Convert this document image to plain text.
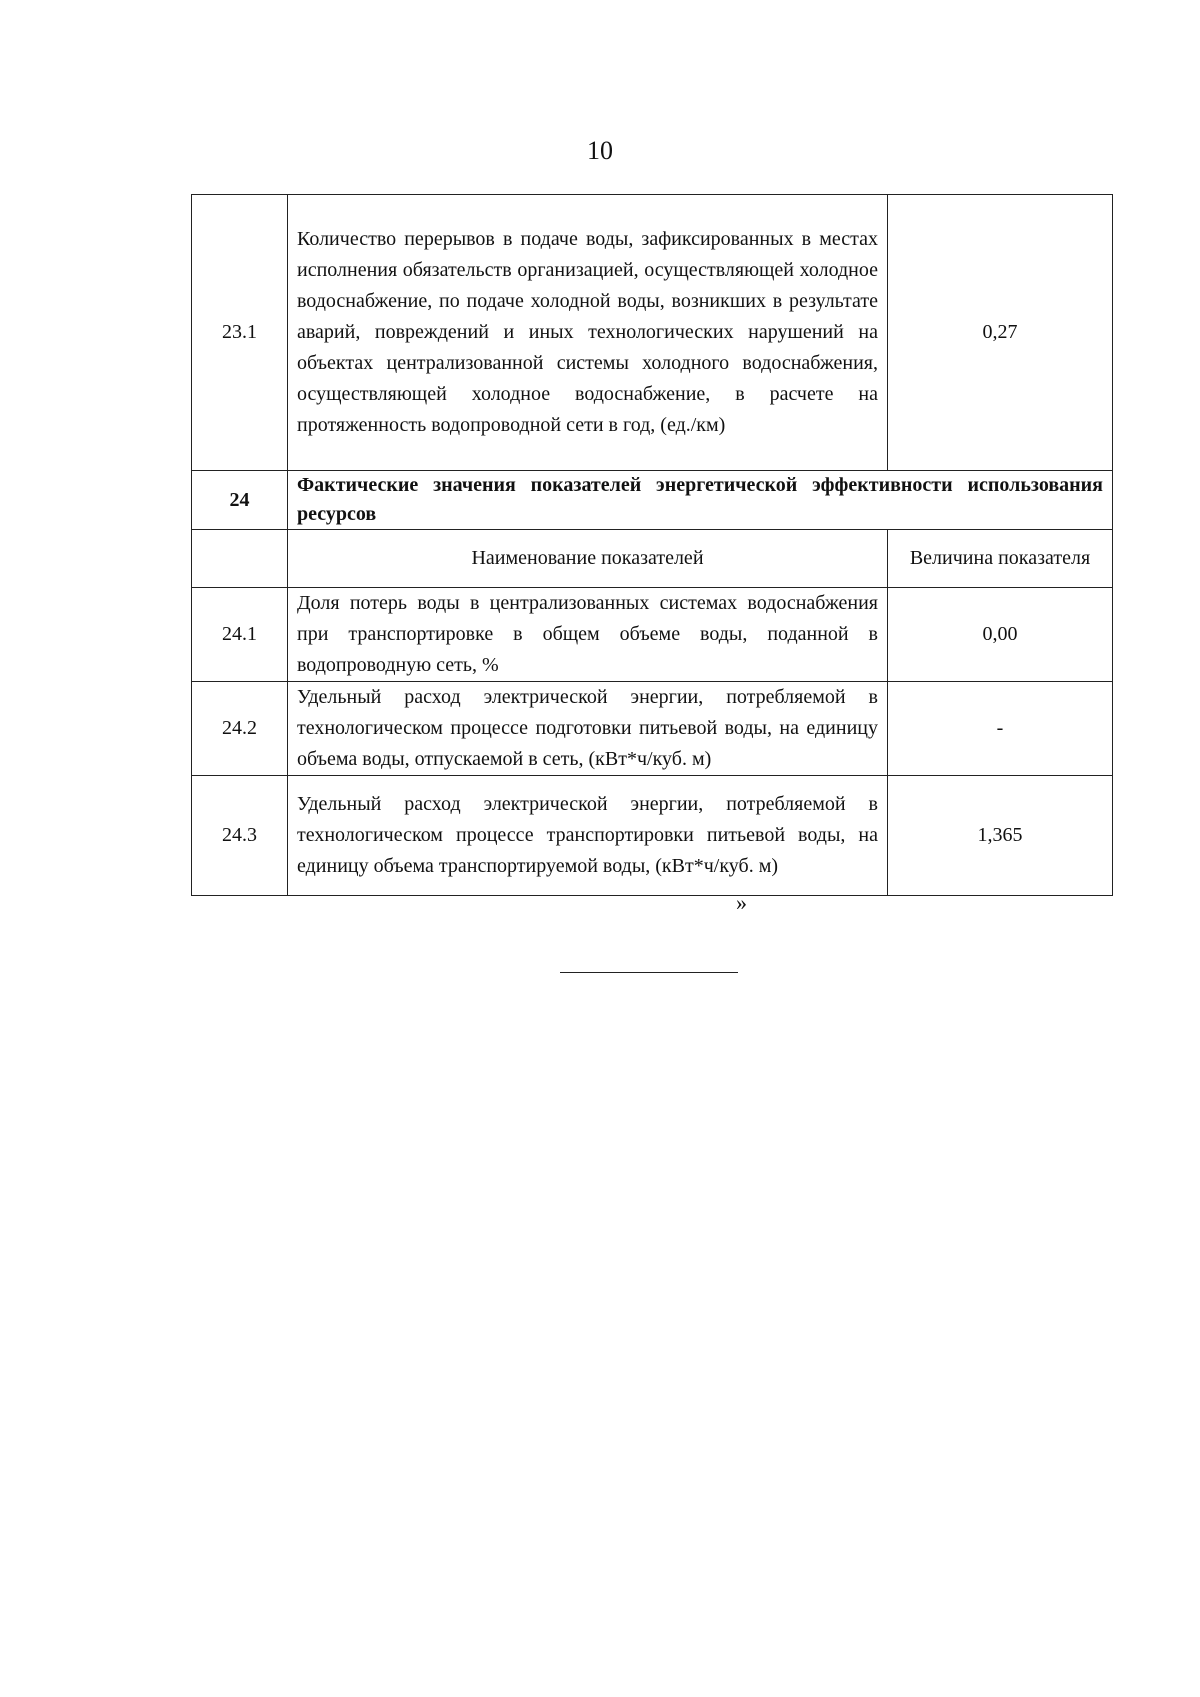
10
23.1	Количество перерывов в подаче воды, зафиксированных в местах исполнения обязательств организацией, осуществляющей холодное водоснабжение, по подаче холодной воды, возникших в результате аварий, повреждений и иных технологических нарушений на объектах централизованной системы холодного водоснабжения, осуществляющей холодное водоснабжение, в расчете на протяженность водопроводной сети в год, (ед./км)	0,27
24	Фактические значения показателей энергетической эффективности использования ресурсов	
	Наименование показателей	Величина показателя
24.1	Доля потерь воды в централизованных системах водоснабжения при транспортировке в общем объеме воды, поданной в водопроводную сеть, %	0,00
24.2	Удельный расход электрической энергии, потребляемой в технологическом процессе подготовки питьевой воды, на единицу объема воды, отпускаемой в сеть, (кВт*ч/куб. м)	-
24.3	Удельный расход электрической энергии, потребляемой в технологическом процессе транспортировки питьевой воды, на единицу объема транспортируемой воды, (кВт*ч/куб. м)	1,365
»
